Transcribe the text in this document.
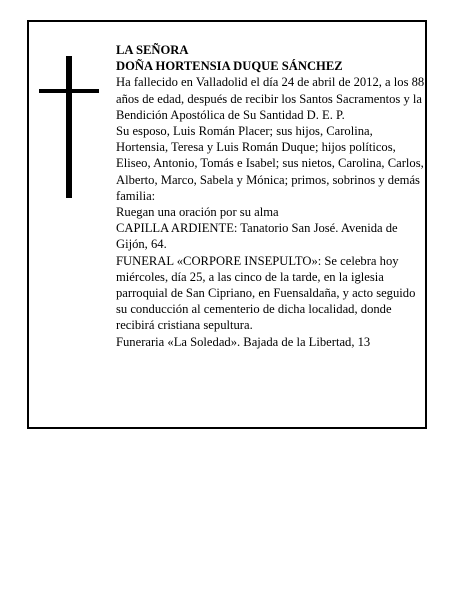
LA SEÑORA

DOÑA HORTENSIA DUQUE SÁNCHEZ

Ha fallecido en Valladolid el día 24 de abril de 2012, a los 88 años de edad, después de recibir los Santos Sacramentos y la Bendición Apostólica de Su Santidad D. E. P.

Su esposo, Luis Román Placer; sus hijos, Carolina, Hortensia, Teresa y Luis Román Duque; hijos políticos, Eliseo, Antonio, Tomás e Isabel; sus nietos, Carolina, Carlos, Alberto, Marco, Sabela y Mónica; primos, sobrinos y demás familia:

Ruegan una oración por su alma

CAPILLA ARDIENTE: Tanatorio San José. Avenida de Gijón, 64.

FUNERAL «CORPORE INSEPULTO»: Se celebra hoy miércoles, día 25, a las cinco de la tarde, en la iglesia parroquial de San Cipriano, en Fuensaldaña, y acto seguido su conducción al cementerio de dicha localidad, donde recibirá cristiana sepultura.

Funeraria «La Soledad». Bajada de la Libertad, 13
